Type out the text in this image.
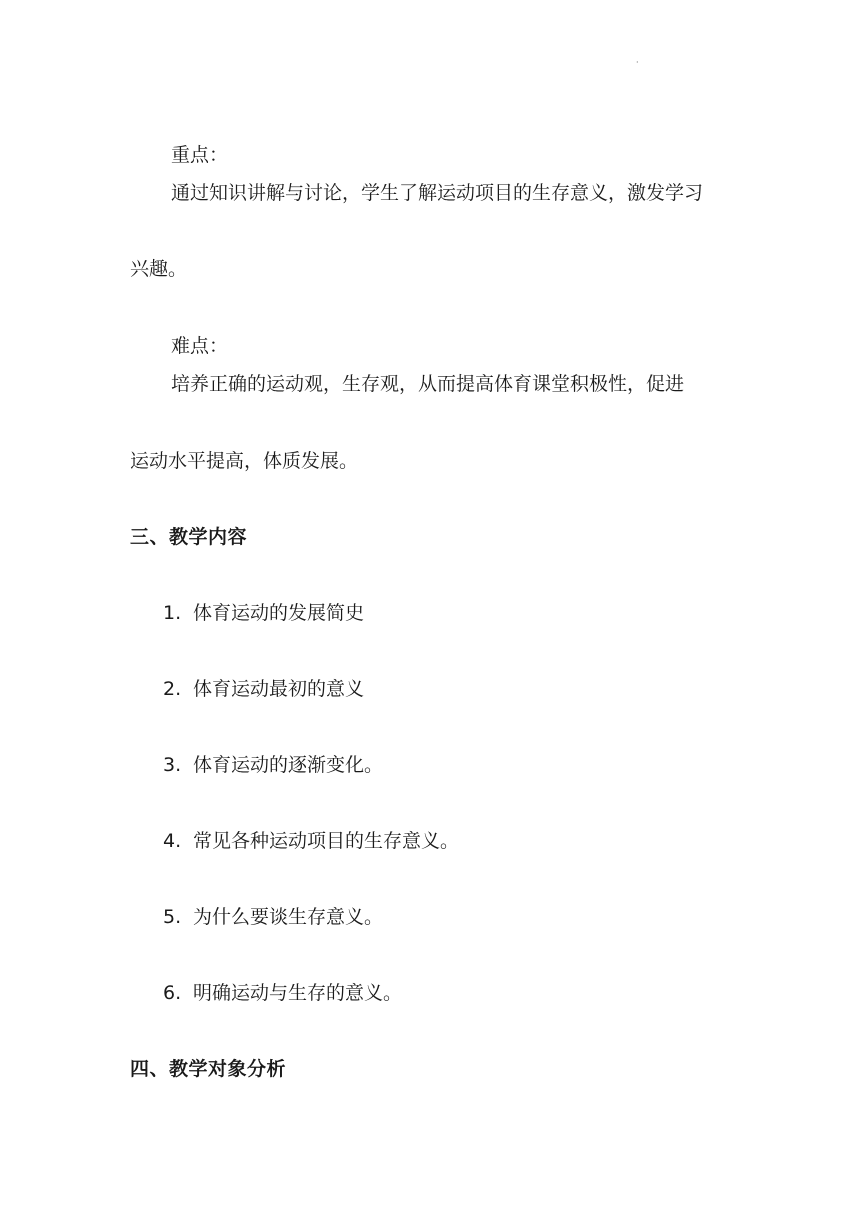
·
重点：
通过知识讲解与讨论，学生了解运动项目的生存意义，激发学习
兴趣。
难点：
培养正确的运动观，生存观，从而提高体育课堂积极性，促进
运动水平提高，体质发展。
三、教学内容
1. 体育运动的发展简史
2. 体育运动最初的意义
3. 体育运动的逐渐变化。
4. 常见各种运动项目的生存意义。
5. 为什么要谈生存意义。
6. 明确运动与生存的意义。
四、教学对象分析
